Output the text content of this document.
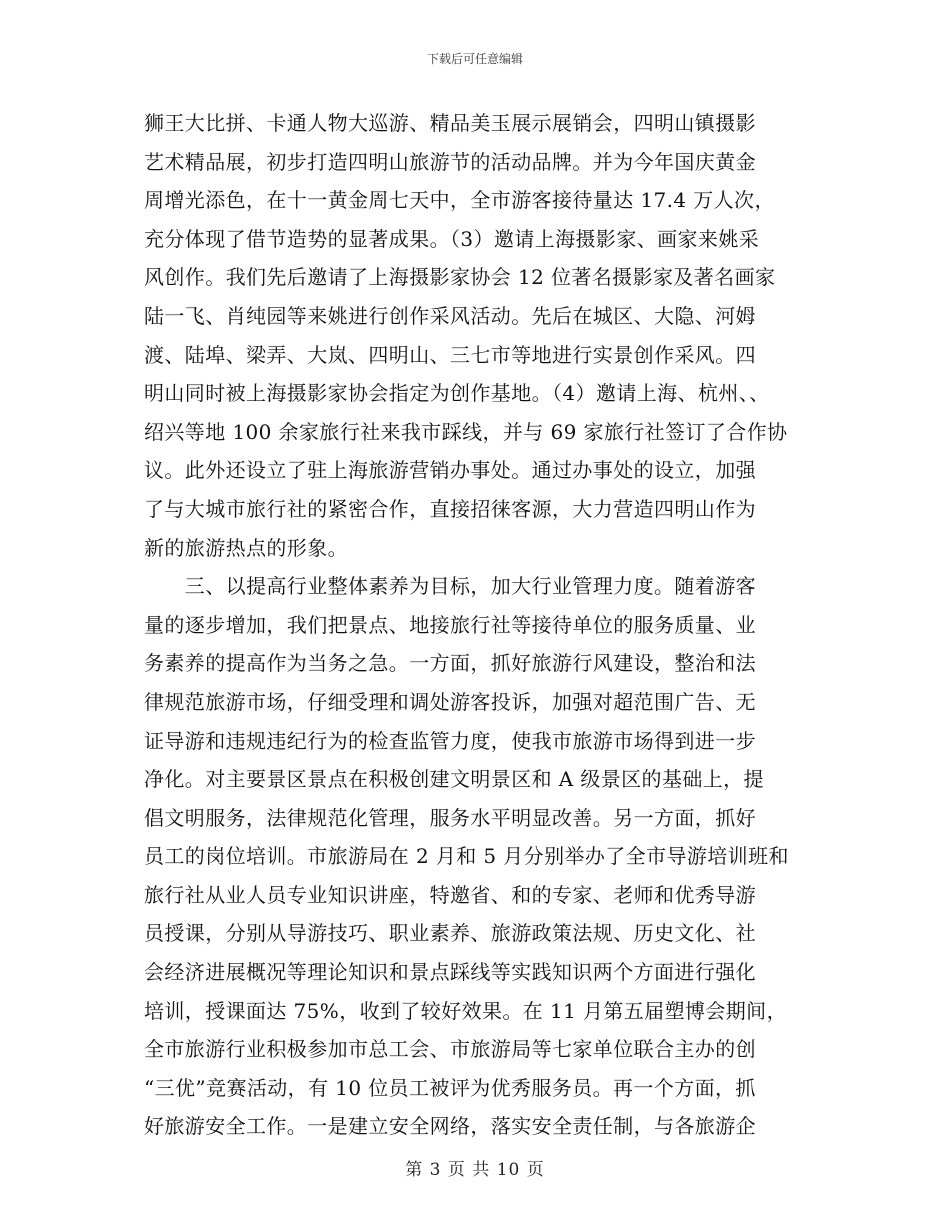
下载后可任意编辑
狮王大比拼、卡通人物大巡游、精品美玉展示展销会，四明山镇摄影
艺术精品展，初步打造四明山旅游节的活动品牌。并为今年国庆黄金
周增光添色，在十一黄金周七天中，全市游客接待量达 17.4 万人次，
充分体现了借节造势的显著成果。（3）邀请上海摄影家、画家来姚采
风创作。我们先后邀请了上海摄影家协会 12 位著名摄影家及著名画家
陆一飞、肖纯园等来姚进行创作采风活动。先后在城区、大隐、河姆
渡、陆埠、梁弄、大岚、四明山、三七市等地进行实景创作采风。四
明山同时被上海摄影家协会指定为创作基地。（4）邀请上海、杭州、、
绍兴等地 100 余家旅行社来我市踩线，并与 69 家旅行社签订了合作协
议。此外还设立了驻上海旅游营销办事处。通过办事处的设立，加强
了与大城市旅行社的紧密合作，直接招徕客源，大力营造四明山作为
新的旅游热点的形象。
　　三、以提高行业整体素养为目标，加大行业管理力度。随着游客
量的逐步增加，我们把景点、地接旅行社等接待单位的服务质量、业
务素养的提高作为当务之急。一方面，抓好旅游行风建设，整治和法
律规范旅游市场，仔细受理和调处游客投诉，加强对超范围广告、无
证导游和违规违纪行为的检查监管力度，使我市旅游市场得到进一步
净化。对主要景区景点在积极创建文明景区和 A 级景区的基础上，提
倡文明服务，法律规范化管理，服务水平明显改善。另一方面，抓好
员工的岗位培训。市旅游局在 2 月和 5 月分别举办了全市导游培训班和
旅行社从业人员专业知识讲座，特邀省、和的专家、老师和优秀导游
员授课，分别从导游技巧、职业素养、旅游政策法规、历史文化、社
会经济进展概况等理论知识和景点踩线等实践知识两个方面进行强化
培训，授课面达 75%，收到了较好效果。在 11 月第五届塑博会期间，
全市旅游行业积极参加市总工会、市旅游局等七家单位联合主办的创
“三优”竞赛活动，有 10 位员工被评为优秀服务员。再一个方面，抓
好旅游安全工作。一是建立安全网络，落实安全责任制，与各旅游企
第 3 页 共 10 页
